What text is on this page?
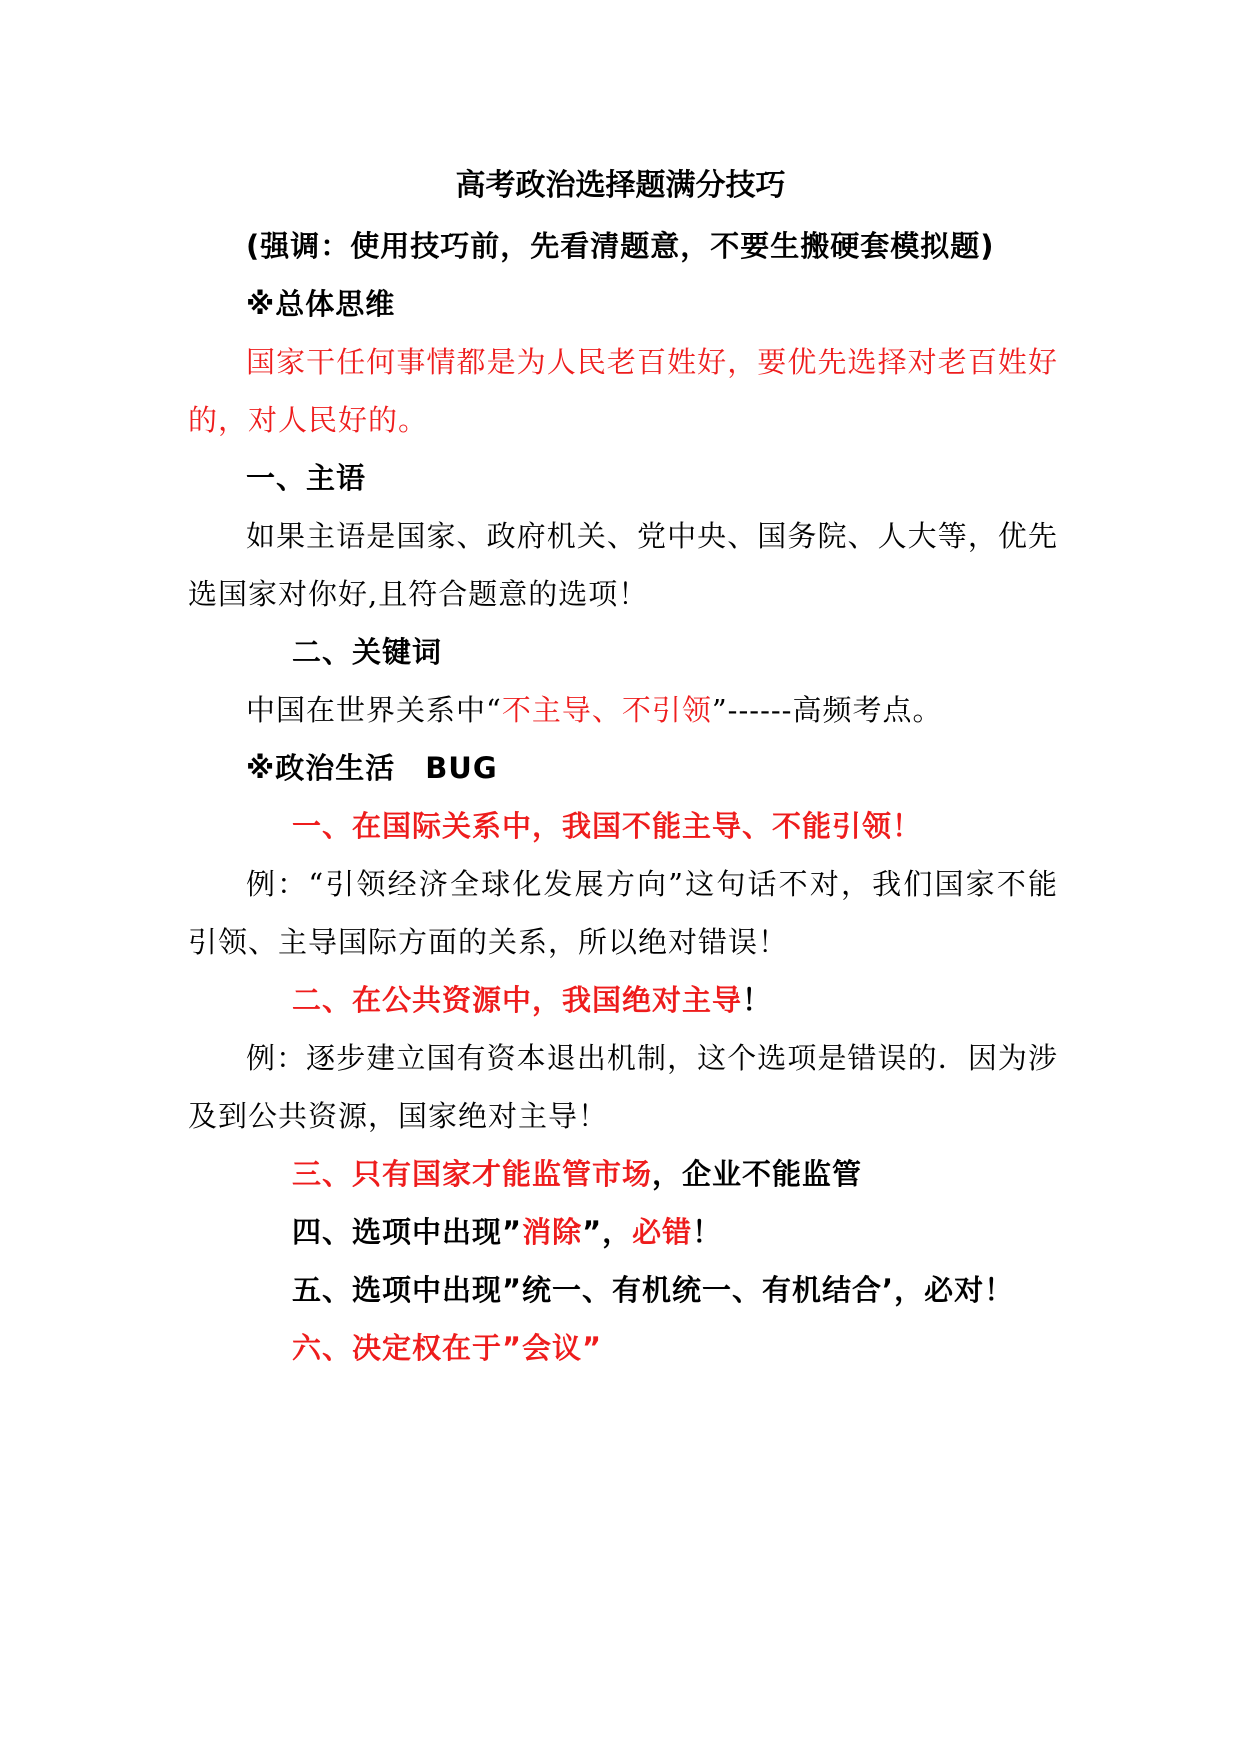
高考政治选择题满分技巧
(强调：使用技巧前，先看清题意，不要生搬硬套模拟题)
※总体思维
国家干任何事情都是为人民老百姓好，要优先选择对老百姓好
的，对人民好的。
一、主语
如果主语是国家、政府机关、党中央、国务院、人大等，优先
选国家对你好,且符合题意的选项！
二、关键词
中国在世界关系中“不主导、不引领”------高频考点。
※政治生活　BUG
一、在国际关系中，我国不能主导、不能引领！
例：“引领经济全球化发展方向”这句话不对，我们国家不能
引领、主导国际方面的关系，所以绝对错误！
二、在公共资源中，我国绝对主导！
例：逐步建立国有资本退出机制，这个选项是错误的．因为涉
及到公共资源，国家绝对主导！
三、只有国家才能监管市场，企业不能监管
四、选项中出现”消除”，必错！
五、选项中出现”统一、有机统一、有机结合’，必对！
六、决定权在于”会议”
